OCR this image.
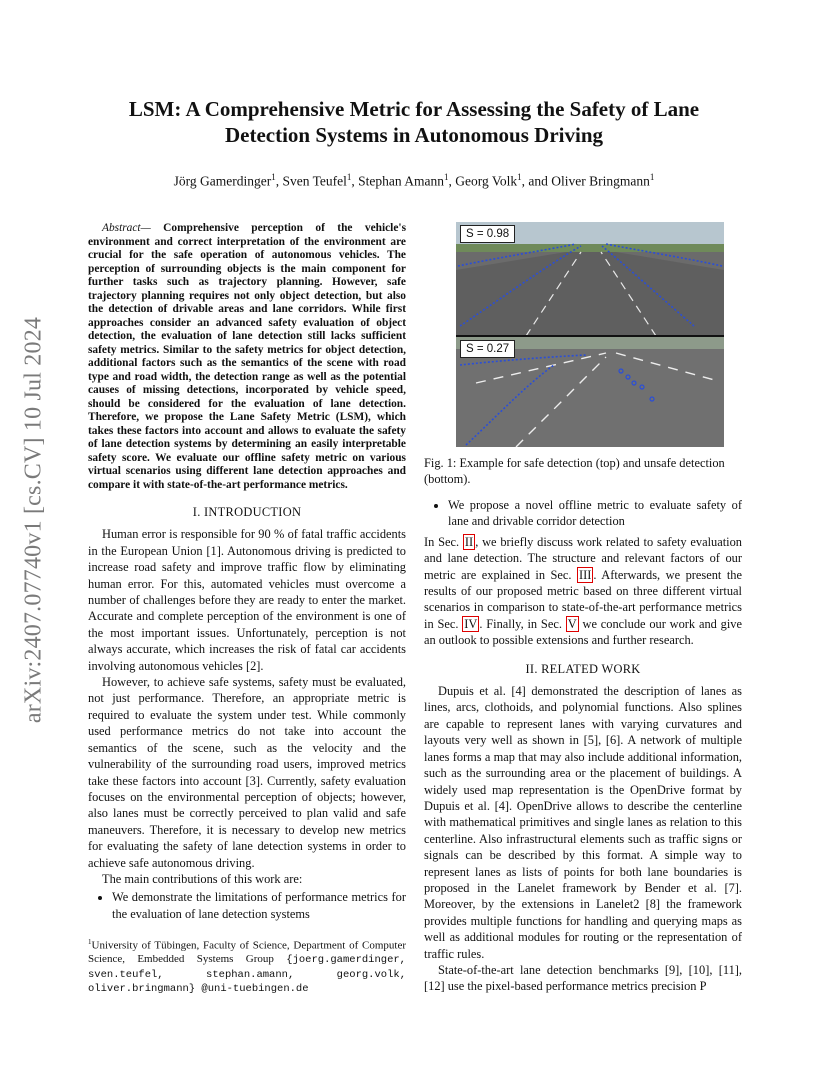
arXiv:2407.07740v1 [cs.CV] 10 Jul 2024
LSM: A Comprehensive Metric for Assessing the Safety of Lane Detection Systems in Autonomous Driving
Jörg Gamerdinger$^1$, Sven Teufel$^1$, Stephan Amann$^1$, Georg Volk$^1$, and Oliver Bringmann$^1$

Abstract— Comprehensive perception of the vehicle's environment and correct interpretation of the environment are crucial for the safe operation of autonomous vehicles. The perception of surrounding objects is the main component for further tasks such as trajectory planning. However, safe trajectory planning requires not only object detection, but also the detection of drivable areas and lane corridors. While first approaches consider an advanced safety evaluation of object detection, the evaluation of lane detection still lacks sufficient safety metrics. Similar to the safety metrics for object detection, additional factors such as the semantics of the scene with road type and road width, the detection range as well as the potential causes of missing detections, incorporated by vehicle speed, should be considered for the evaluation of lane detection. Therefore, we propose the Lane Safety Metric (LSM), which takes these factors into account and allows to evaluate the safety of lane detection systems by determining an easily interpretable safety score. We evaluate our offline safety metric on various virtual scenarios using different lane detection approaches and compare it with state-of-the-art performance metrics.

I. INTRODUCTION

Human error is responsible for 90 % of fatal traffic accidents in the European Union [1]. Autonomous driving is predicted to increase road safety and improve traffic flow by eliminating human error. For this, automated vehicles must overcome a number of challenges before they are ready to enter the market. Accurate and complete perception of the environment is one of the most important issues. Unfortunately, perception is not always accurate, which increases the risk of fatal car accidents involving autonomous vehicles [2].

However, to achieve safe systems, safety must be evaluated, not just performance. Therefore, an appropriate metric is required to evaluate the system under test. While commonly used performance metrics do not take into account the semantics of the scene, such as the velocity and the vulnerability of the surrounding road users, improved metrics take these factors into account [3]. Currently, safety evaluation focuses on the environmental perception of objects; however, also lanes must be correctly perceived to plan valid and safe maneuvers. Therefore, it is necessary to develop new metrics for evaluating the safety of lane detection systems in order to achieve safe autonomous driving.

The main contributions of this work are:

• We demonstrate the limitations of performance metrics for the evaluation of lane detection systems

$^1$University of Tübingen, Faculty of Science, Department of Computer Science, Embedded Systems Group {joerg.gamerdinger, sven.teufel, stephan.amann, georg.volk, oliver.bringmann} @uni-tuebingen.de

S = 0.98
S = 0.27

Fig. 1: Example for safe detection (top) and unsafe detection (bottom).

• We propose a novel offline metric to evaluate safety of lane and drivable corridor detection

In Sec. II , we briefly discuss work related to safety evaluation and lane detection. The structure and relevant factors of our metric are explained in Sec. III . Afterwards, we present the results of our proposed metric based on three different virtual scenarios in comparison to state-of-the-art performance metrics in Sec. IV . Finally, in Sec. V we conclude our work and give an outlook to possible extensions and further research.

II. RELATED WORK

Dupuis et al. [4] demonstrated the description of lanes as lines, arcs, clothoids, and polynomial functions. Also splines are capable to represent lanes with varying curvatures and layouts very well as shown in [5], [6]. A network of multiple lanes forms a map that may also include additional information, such as the surrounding area or the placement of buildings. A widely used map representation is the OpenDrive format by Dupuis et al. [4]. OpenDrive allows to describe the centerline with mathematical primitives and single lanes as relation to this centerline. Also infrastructural elements such as traffic signs or signals can be described by this format. A simple way to represent lanes as lists of points for both lane boundaries is proposed in the Lanelet framework by Bender et al. [7]. Moreover, by the extensions in Lanelet2 [8] the framework provides multiple functions for handling and querying maps as well as additional modules for routing or the representation of traffic rules.

State-of-the-art lane detection benchmarks [9], [10], [11], [12] use the pixel-based performance metrics precision P
